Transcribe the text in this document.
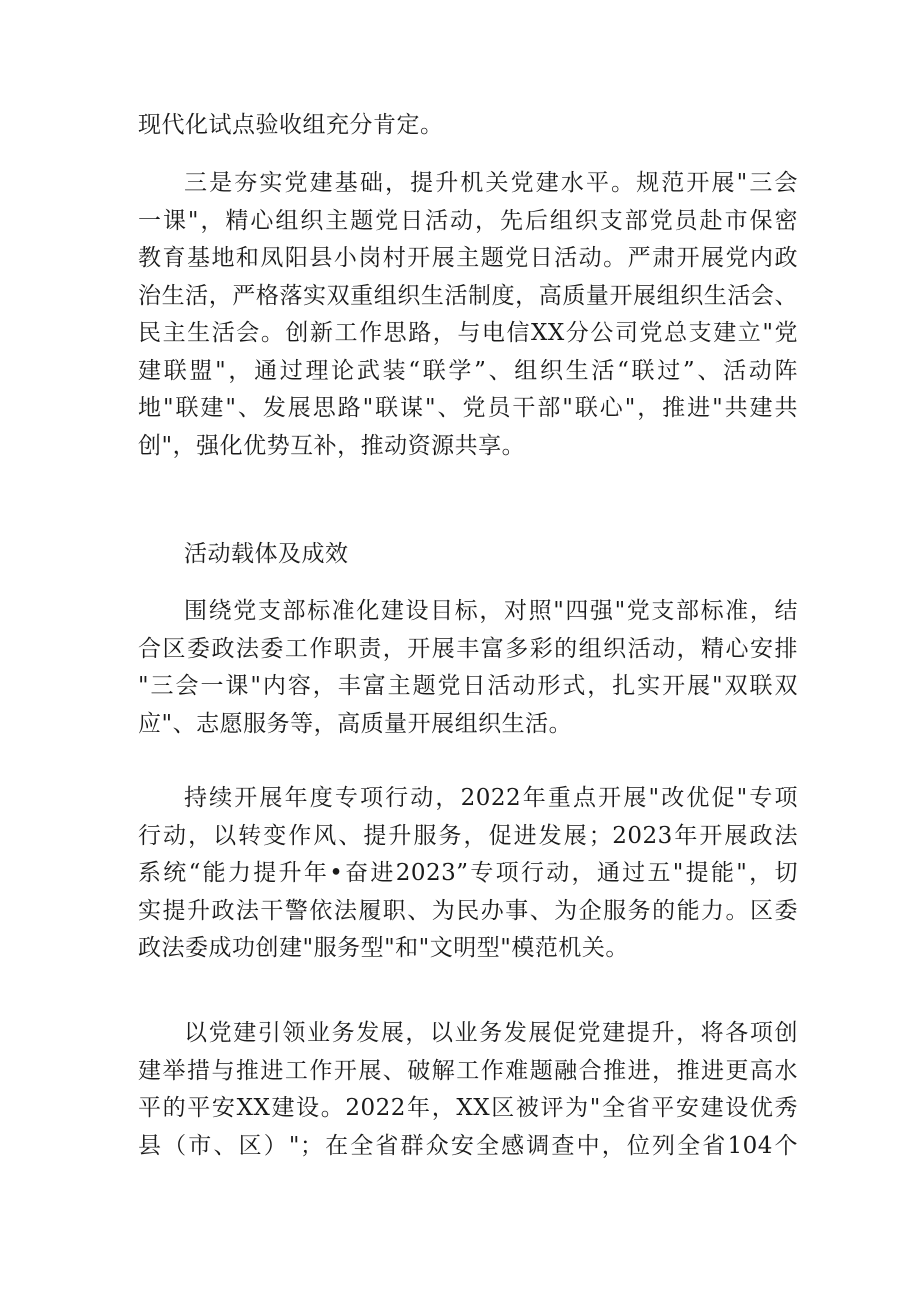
现代化试点验收组充分肯定。
三是夯实党建基础，提升机关党建水平。规范开展"三会
一课"，精心组织主题党日活动，先后组织支部党员赴市保密
教育基地和凤阳县小岗村开展主题党日活动。严肃开展党内政
治生活，严格落实双重组织生活制度，高质量开展组织生活会、
民主生活会。创新工作思路，与电信XX分公司党总支建立"党
建联盟"，通过理论武装“联学”、组织生活“联过”、活动阵
地"联建"、发展思路"联谋"、党员干部"联心"，推进"共建共
创"，强化优势互补，推动资源共享。
活动载体及成效
围绕党支部标准化建设目标，对照"四强"党支部标准，结
合区委政法委工作职责，开展丰富多彩的组织活动，精心安排
"三会一课"内容，丰富主题党日活动形式，扎实开展"双联双
应"、志愿服务等，高质量开展组织生活。
持续开展年度专项行动，2022年重点开展"改优促"专项
行动，以转变作风、提升服务，促进发展；2023年开展政法
系统“能力提升年•奋进2023”专项行动，通过五"提能"，切
实提升政法干警依法履职、为民办事、为企服务的能力。区委
政法委成功创建"服务型"和"文明型"模范机关。
以党建引领业务发展，以业务发展促党建提升，将各项创
建举措与推进工作开展、破解工作难题融合推进，推进更高水
平的平安XX建设。2022年，XX区被评为"全省平安建设优秀
县（市、区）"；在全省群众安全感调查中，位列全省104个
